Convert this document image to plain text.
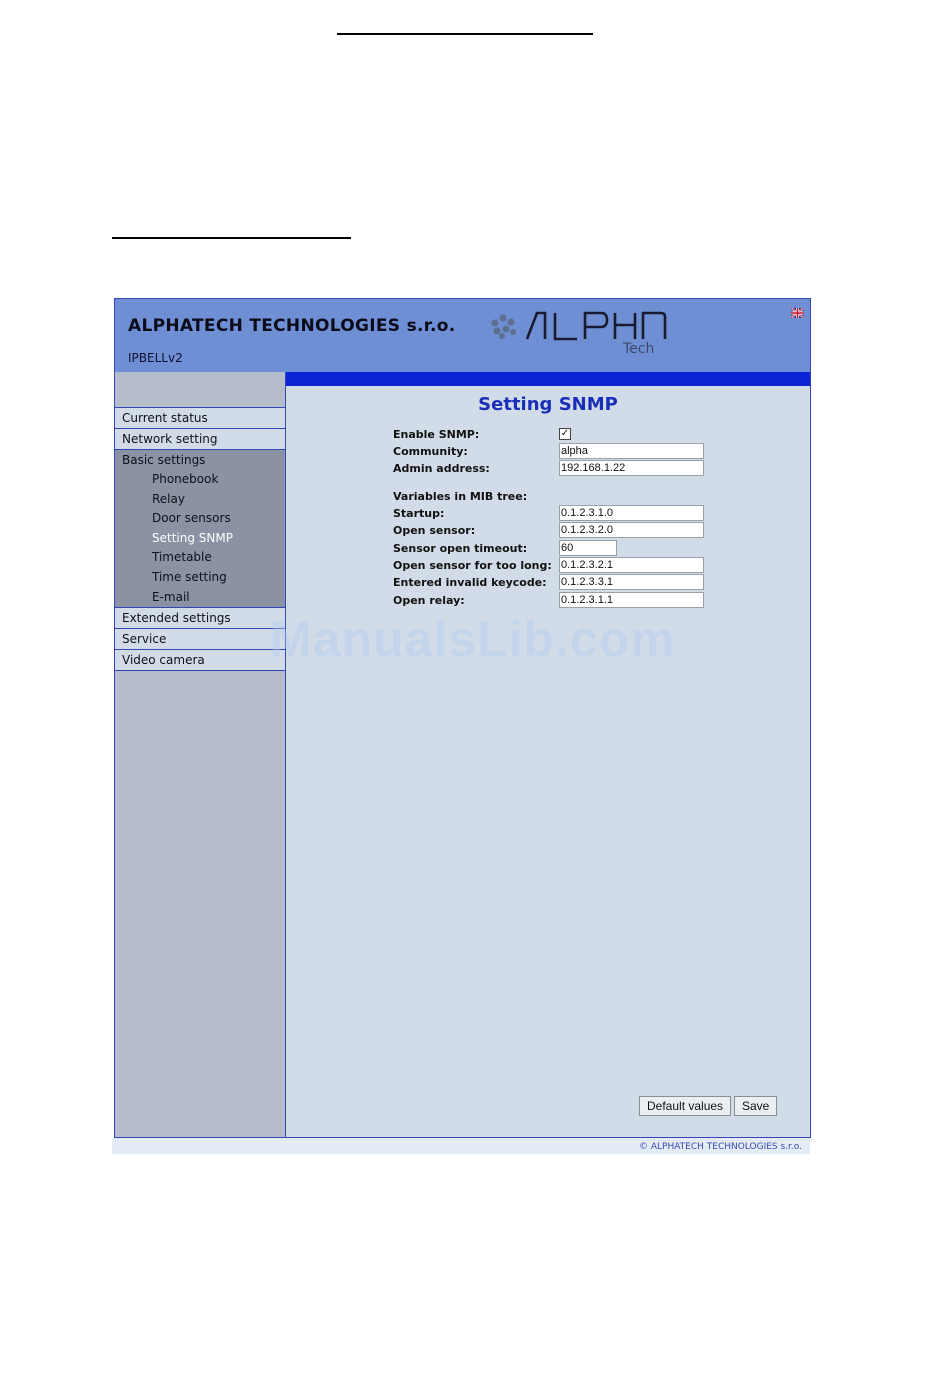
ALPHATECH TECHNOLOGIES s.r.o.
IPBELLv2
Tech
Current status
Network setting
Basic settings
Phonebook
Relay
Door sensors
Setting SNMP
Timetable
Time setting
E-mail
Extended settings
Service
Video camera
Setting SNMP
Enable SNMP:	✓
Community:	alpha
Admin address:	192.168.1.22
Variables in MIB tree:
Startup:	0.1.2.3.1.0
Open sensor:	0.1.2.3.2.0
Sensor open timeout:	60
Open sensor for too long: 0.1.2.3.2.1
Entered invalid keycode: 0.1.2.3.3.1
Open relay:	0.1.2.3.1.1
Default values	Save
© ALPHATECH TECHNOLOGIES s.r.o.
ManualsLib.com
